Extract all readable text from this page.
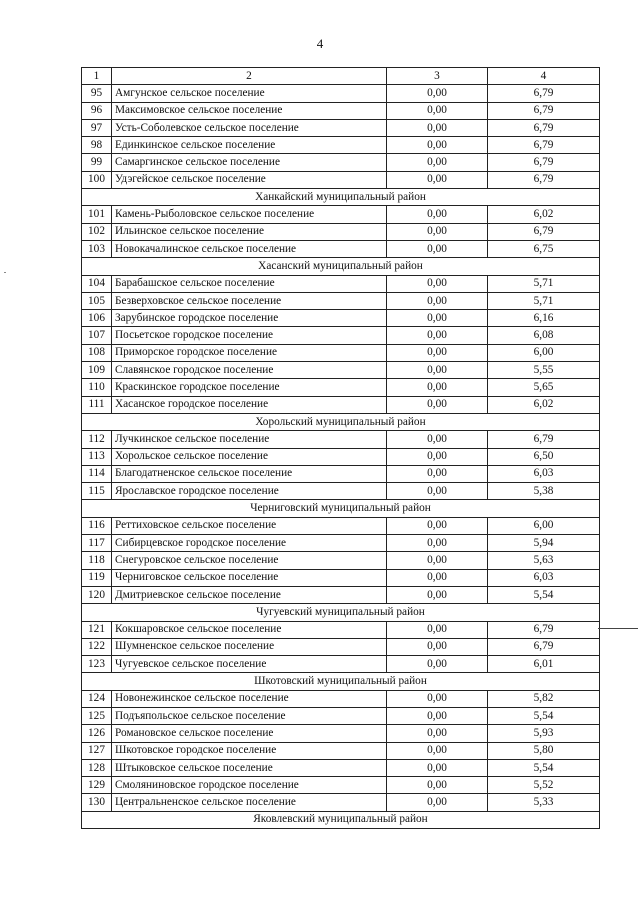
4
1	2	3	4
95	Амгунское сельское поселение	0,00	6,79
96	Максимовское сельское поселение	0,00	6,79
97	Усть-Соболевское сельское поселение	0,00	6,79
98	Единкинское сельское поселение	0,00	6,79
99	Самаргинское сельское поселение	0,00	6,79
100	Удэгейское сельское поселение	0,00	6,79
Ханкайский муниципальный район			
101	Камень-Рыболовское сельское поселение	0,00	6,02
102	Ильинское сельское поселение	0,00	6,79
103	Новокачалинское сельское поселение	0,00	6,75
Хасанский муниципальный район			
104	Барабашское сельское поселение	0,00	5,71
105	Безверховское сельское поселение	0,00	5,71
106	Зарубинское городское поселение	0,00	6,16
107	Посьетское городское поселение	0,00	6,08
108	Приморское городское поселение	0,00	6,00
109	Славянское городское поселение	0,00	5,55
110	Краскинское городское поселение	0,00	5,65
111	Хасанское городское поселение	0,00	6,02
Хорольский муниципальный район			
112	Лучкинское сельское поселение	0,00	6,79
113	Хорольское сельское поселение	0,00	6,50
114	Благодатненское сельское поселение	0,00	6,03
115	Ярославское городское поселение	0,00	5,38
Черниговский муниципальный район			
116	Реттиховское сельское поселение	0,00	6,00
117	Сибирцевское городское поселение	0,00	5,94
118	Снегуровское сельское поселение	0,00	5,63
119	Черниговское сельское поселение	0,00	6,03
120	Дмитриевское сельское поселение	0,00	5,54
Чугуевский муниципальный район			
121	Кокшаровское сельское поселение	0,00	6,79
122	Шумненское сельское поселение	0,00	6,79
123	Чугуевское сельское поселение	0,00	6,01
Шкотовский муниципальный район			
124	Новонежинское сельское поселение	0,00	5,82
125	Подъяпольское сельское поселение	0,00	5,54
126	Романовское сельское поселение	0,00	5,93
127	Шкотовское городское поселение	0,00	5,80
128	Штыковское сельское поселение	0,00	5,54
129	Смоляниновское городское поселение	0,00	5,52
130	Центральненское сельское поселение	0,00	5,33
Яковлевский муниципальный район			
